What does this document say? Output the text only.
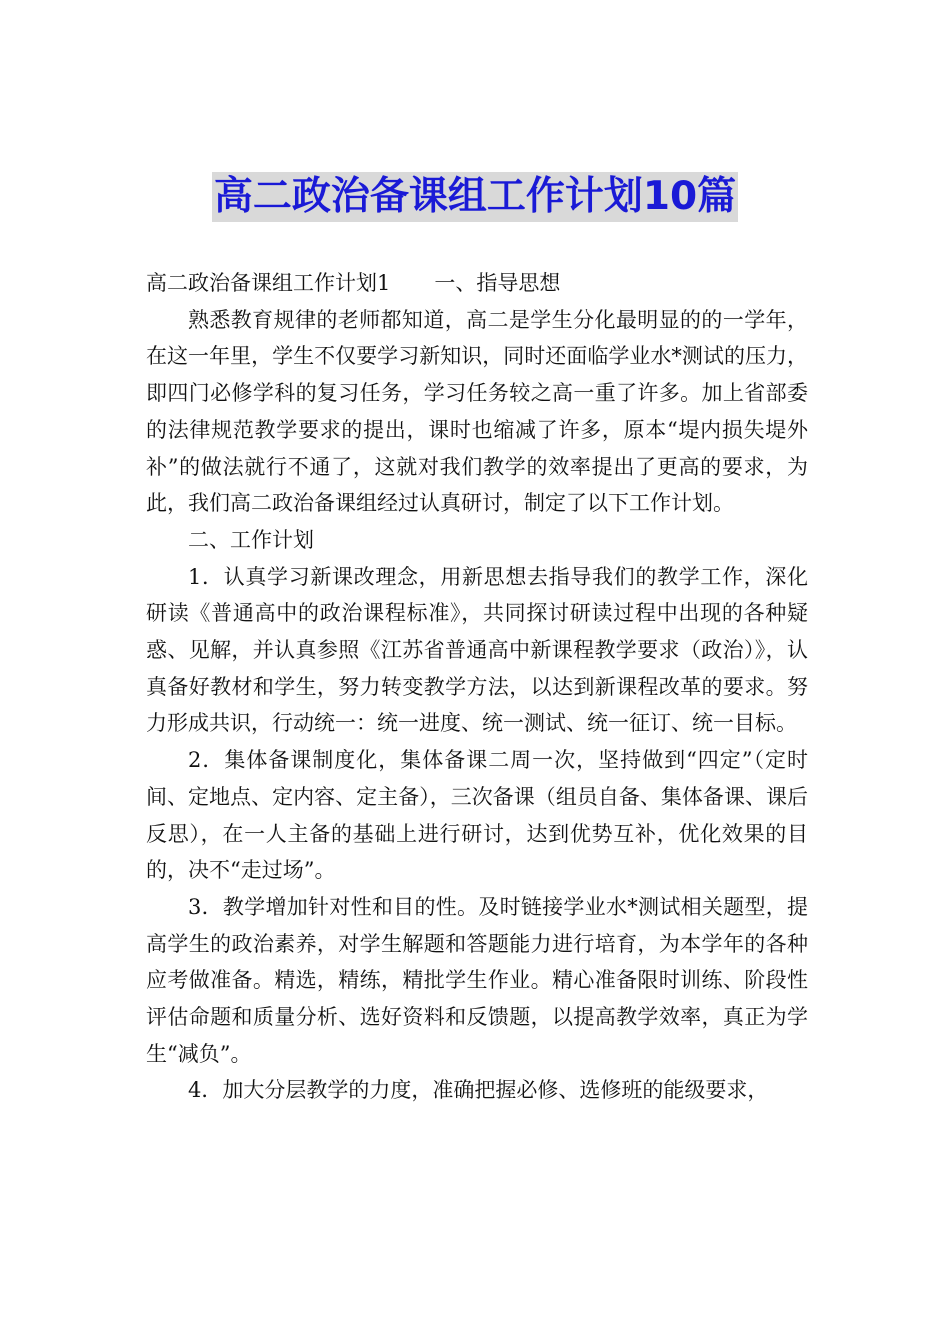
高二政治备课组工作计划10篇

高二政治备课组工作计划1 一、指导思想

熟悉教育规律的老师都知道，高二是学生分化最明显的的一学年，在这一年里，学生不仅要学习新知识，同时还面临学业水*测试的压力，即四门必修学科的复习任务，学习任务较之高一重了许多。加上省部委的法律规范教学要求的提出，课时也缩减了许多，原本“堤内损失堤外补”的做法就行不通了，这就对我们教学的效率提出了更高的要求，为此，我们高二政治备课组经过认真研讨，制定了以下工作计划。

二、工作计划

1．认真学习新课改理念，用新思想去指导我们的教学工作，深化研读《普通高中的政治课程标准》，共同探讨研读过程中出现的各种疑惑、见解，并认真参照《江苏省普通高中新课程教学要求（政治）》，认真备好教材和学生，努力转变教学方法，以达到新课程改革的要求。努力形成共识，行动统一：统一进度、统一测试、统一征订、统一目标。

2．集体备课制度化，集体备课二周一次，坚持做到“四定”（定时间、定地点、定内容、定主备），三次备课（组员自备、集体备课、课后反思），在一人主备的基础上进行研讨，达到优势互补，优化效果的目的，决不“走过场”。

3．教学增加针对性和目的性。及时链接学业水*测试相关题型，提高学生的政治素养，对学生解题和答题能力进行培育，为本学年的各种应考做准备。精选，精练，精批学生作业。精心准备限时训练、阶段性评估命题和质量分析、选好资料和反馈题，以提高教学效率，真正为学生“减负”。

4．加大分层教学的力度，准确把握必修、选修班的能级要求，
